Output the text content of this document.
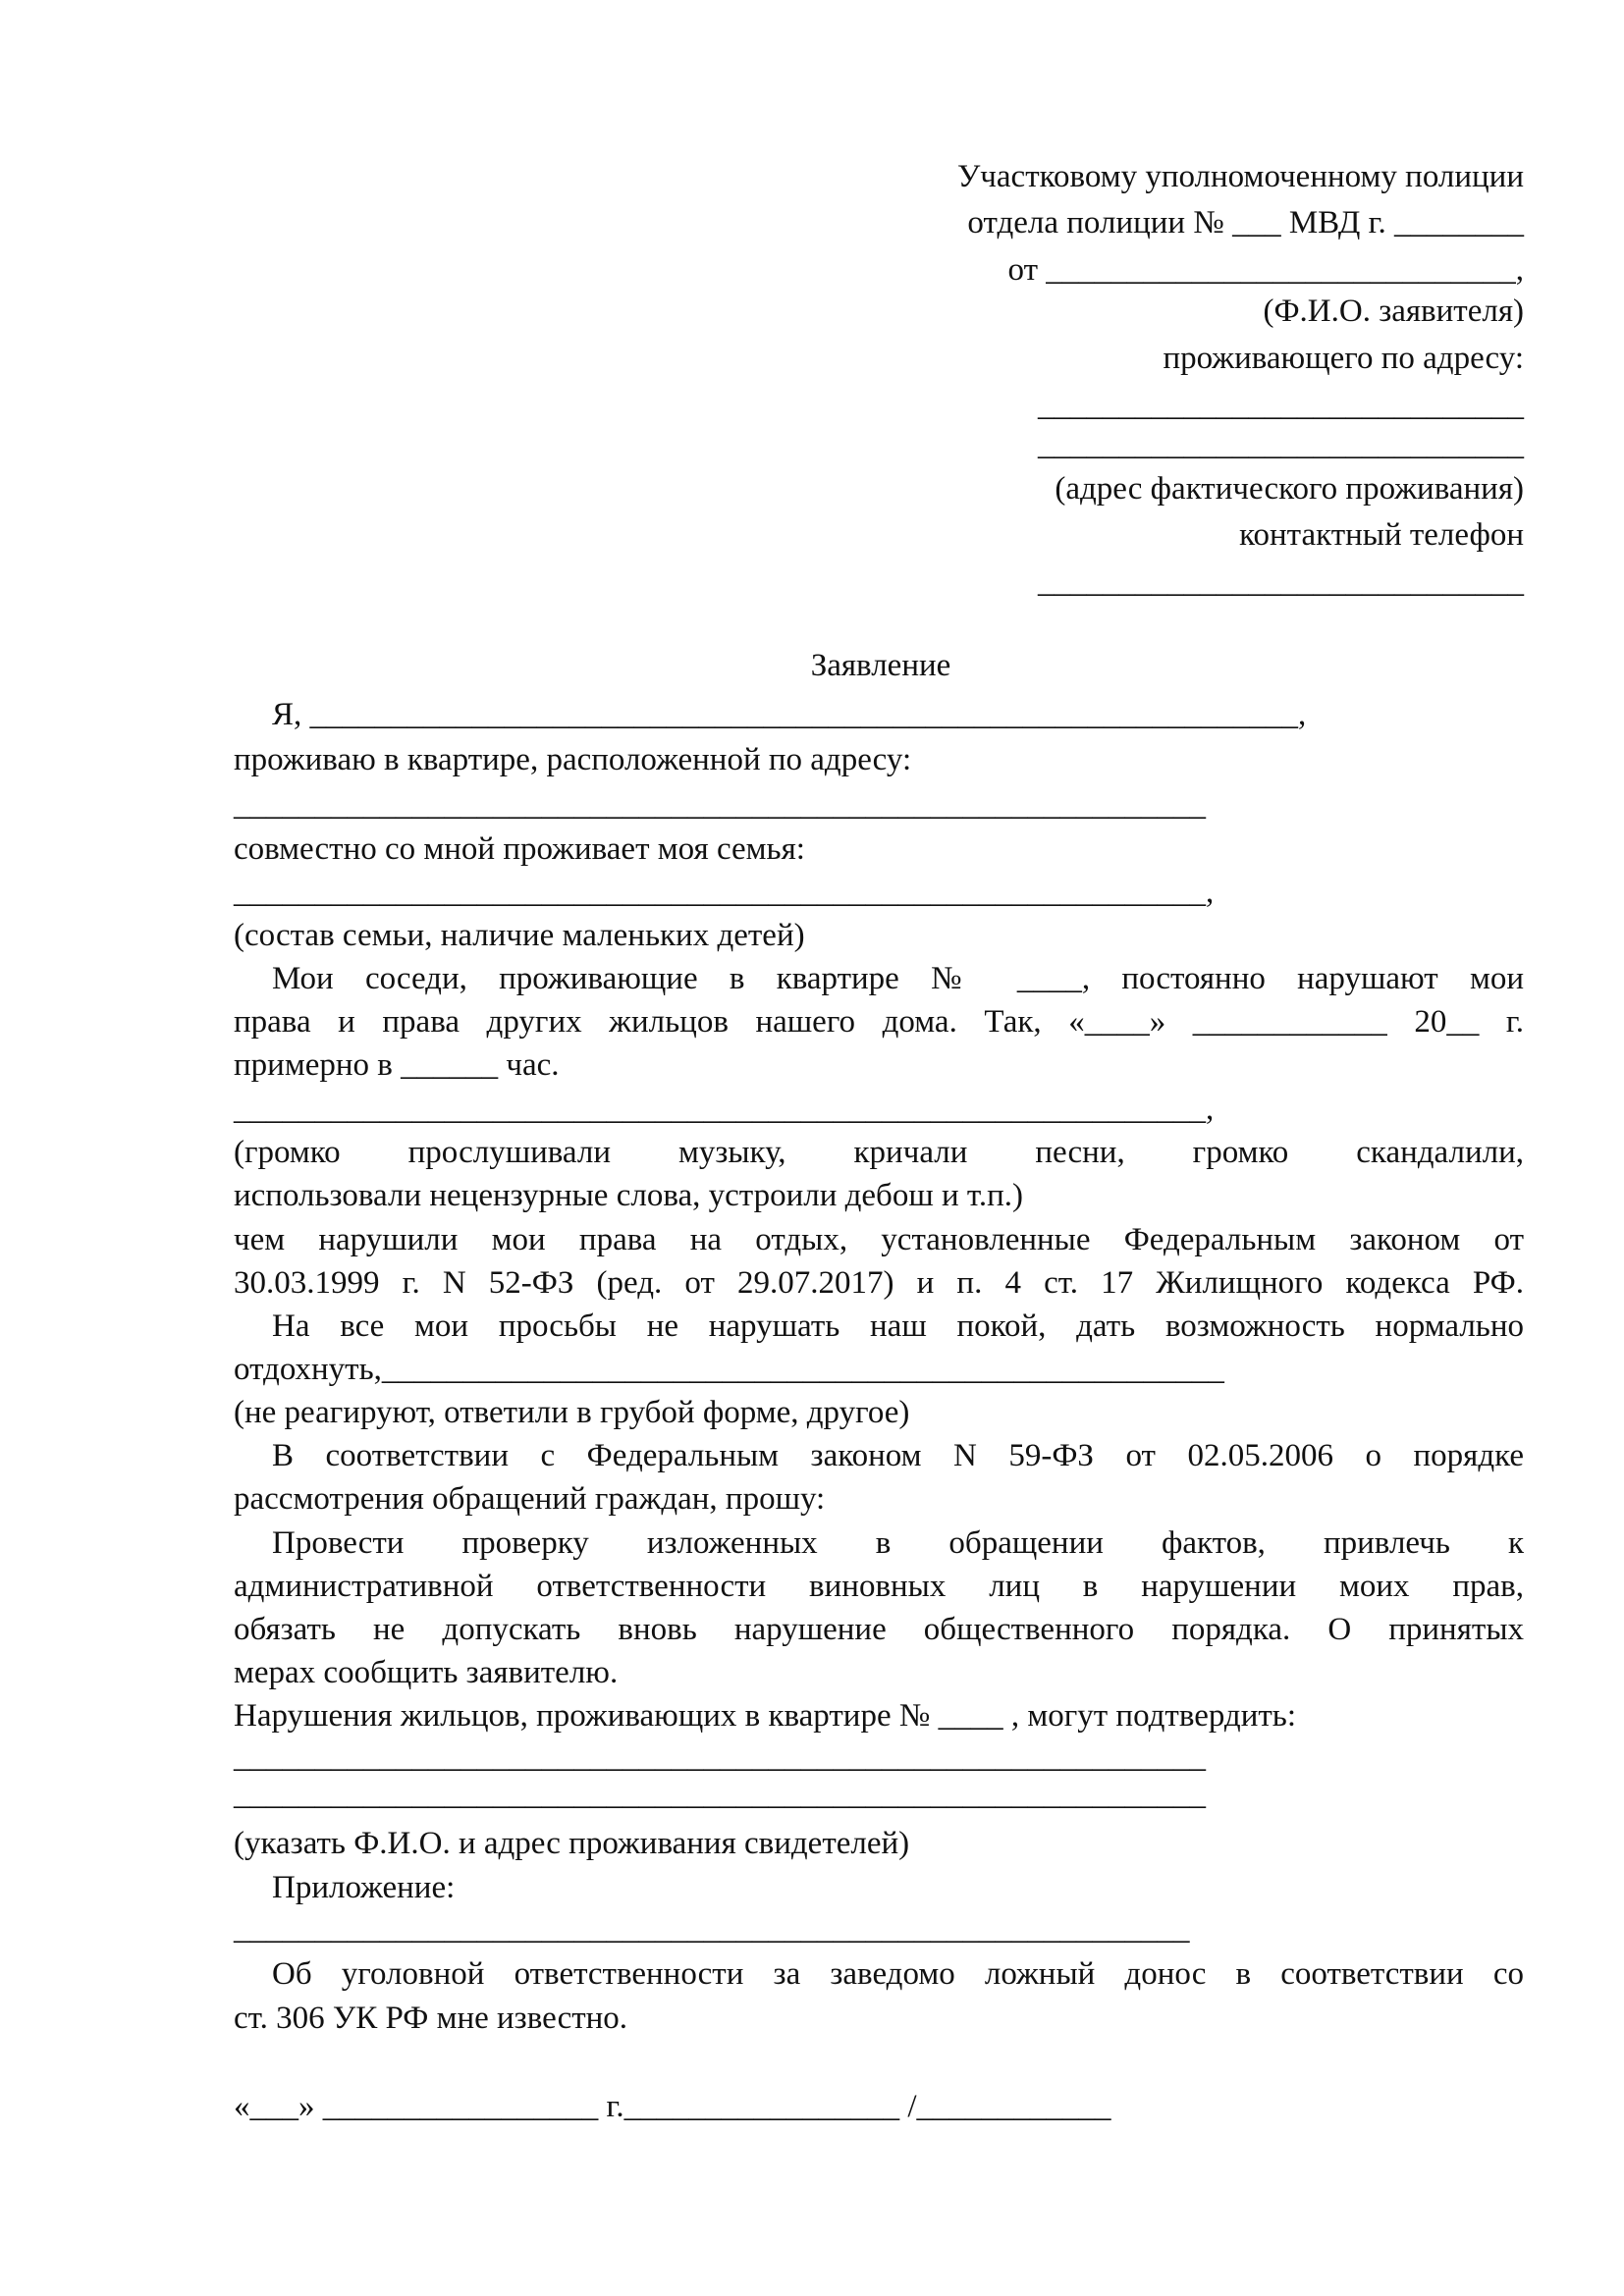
Участковому уполномоченному полиции
отдела полиции № ___ МВД г. ________
от _____________________________,
(Ф.И.О. заявителя)
проживающего по адресу:
______________________________
______________________________
(адрес фактического проживания)
контактный телефон
______________________________
Заявление
Я, _____________________________________________________________,
проживаю в квартире, расположенной по адресу:
____________________________________________________________
совместно со мной проживает моя семья:
____________________________________________________________,
(состав семьи, наличие маленьких детей)
Мои соседи, проживающие в квартире № ____, постоянно нарушают мои
права и права других жильцов нашего дома. Так, «____» ____________ 20__ г.
примерно в ______ час.
____________________________________________________________,
(громко прослушивали музыку, кричали песни, громко скандалили,
использовали нецензурные слова, устроили дебош и т.п.)
чем нарушили мои права на отдых, установленные Федеральным законом от
30.03.1999 г. N 52-ФЗ (ред. от 29.07.2017) и п. 4 ст. 17 Жилищного кодекса РФ.
На все мои просьбы не нарушать наш покой, дать возможность нормально
отдохнуть,____________________________________________________
(не реагируют, ответили в грубой форме, другое)
В соответствии с Федеральным законом N 59-ФЗ от 02.05.2006 о порядке
рассмотрения обращений граждан, прошу:
Провести проверку изложенных в обращении фактов, привлечь к
административной ответственности виновных лиц в нарушении моих прав,
обязать не допускать вновь нарушение общественного порядка. О принятых
мерах сообщить заявителю.
Нарушения жильцов, проживающих в квартире № ____ , могут подтвердить:
____________________________________________________________
____________________________________________________________
(указать Ф.И.О. и адрес проживания свидетелей)
Приложение:
___________________________________________________________
Об уголовной ответственности за заведомо ложный донос в соответствии со
ст. 306 УК РФ мне известно.
«___» _________________ г._________________ /____________
